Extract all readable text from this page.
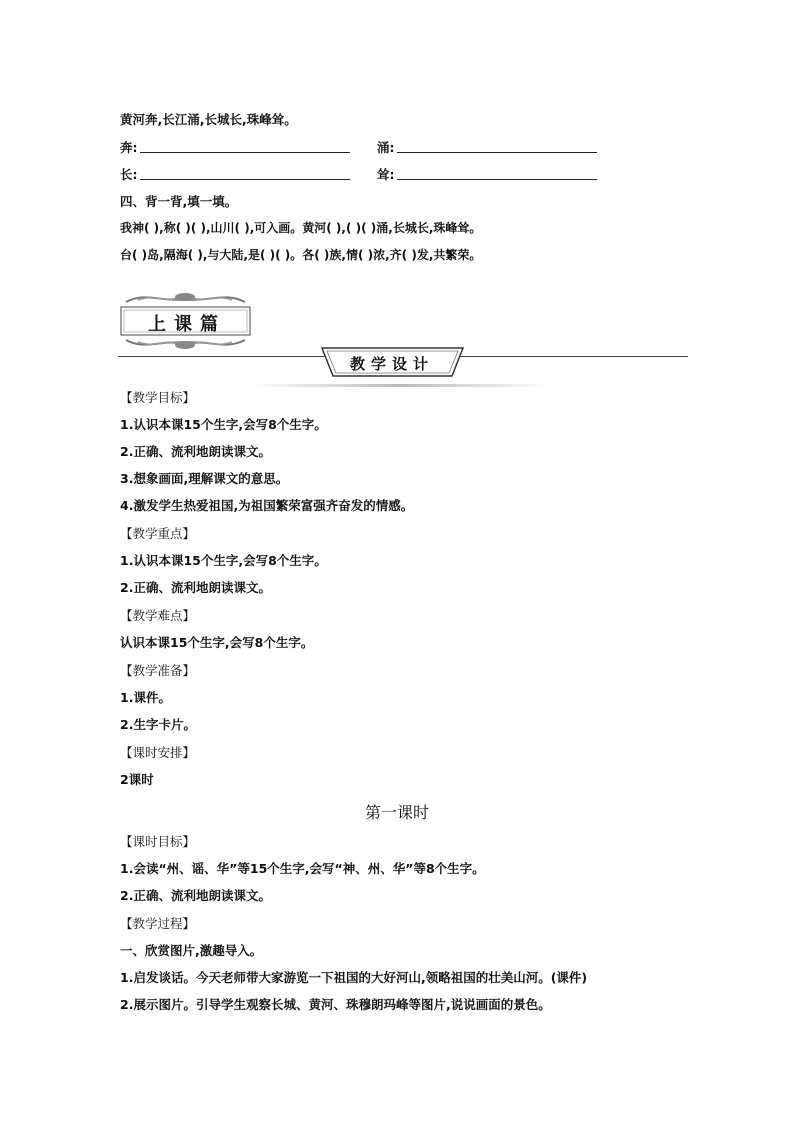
黄河奔,长江涌,长城长,珠峰耸。
奔:	涌:
长:	耸:
四、背一背,填一填。
我神( ),称( )( ),山川( ),可入画。黄河( ),( )( )涌,长城长,珠峰耸。
台( )岛,隔海( ),与大陆,是( )( )。各( )族,情( )浓,齐( )发,共繁荣。
上课篇
教学设计
【教学目标】
1.认识本课15个生字,会写8个生字。
2.正确、流利地朗读课文。
3.想象画面,理解课文的意思。
4.激发学生热爱祖国,为祖国繁荣富强齐奋发的情感。
【教学重点】
1.认识本课15个生字,会写8个生字。
2.正确、流利地朗读课文。
【教学难点】
认识本课15个生字,会写8个生字。
【教学准备】
1.课件。
2.生字卡片。
【课时安排】
2课时
第一课时
【课时目标】
1.会读“州、谣、华”等15个生字,会写“神、州、华”等8个生字。
2.正确、流利地朗读课文。
【教学过程】
一、欣赏图片,激趣导入。
1.启发谈话。今天老师带大家游览一下祖国的大好河山,领略祖国的壮美山河。(课件)
2.展示图片。引导学生观察长城、黄河、珠穆朗玛峰等图片,说说画面的景色。
